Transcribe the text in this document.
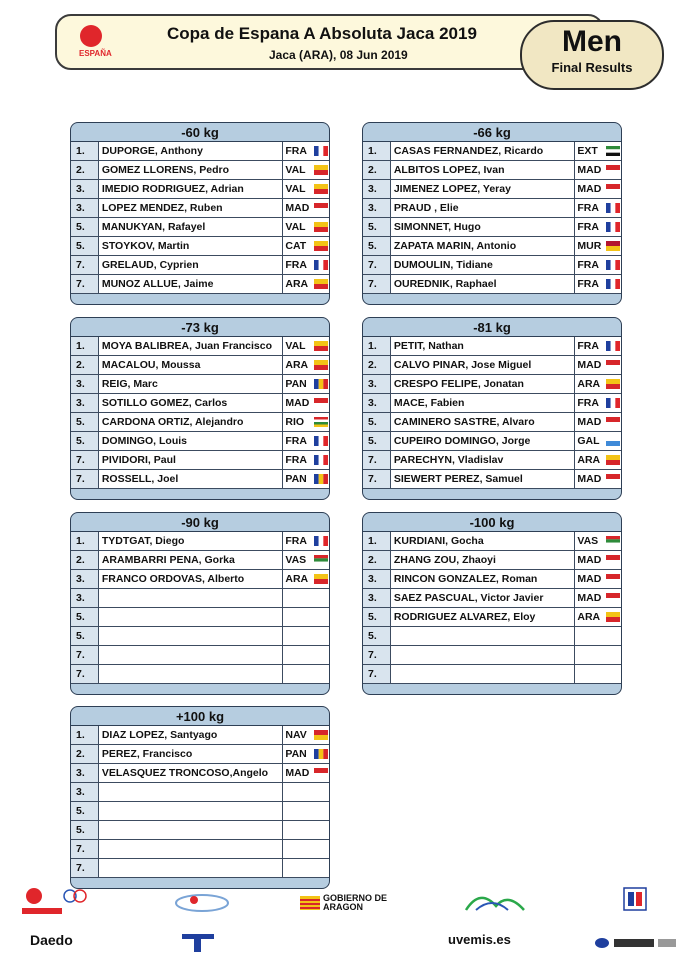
ESPAÑA
Copa de Espana A Absoluta Jaca 2019
Jaca (ARA), 08 Jun 2019	Men
Final Results
-60 kg
1.	DUPORGE, Anthony	FRA
2.	GOMEZ LLORENS, Pedro	VAL
3.	IMEDIO RODRIGUEZ, Adrian	VAL
3.	LOPEZ MENDEZ, Ruben	MAD
5.	MANUKYAN, Rafayel	VAL
5.	STOYKOV, Martin	CAT
7.	GRELAUD, Cyprien	FRA
7.	MUNOZ ALLUE, Jaime	ARA
-66 kg
1.	CASAS FERNANDEZ, Ricardo	EXT
2.	ALBITOS LOPEZ, Ivan	MAD
3.	JIMENEZ LOPEZ, Yeray	MAD
3.	PRAUD , Elie	FRA
5.	SIMONNET, Hugo	FRA
5.	ZAPATA MARIN, Antonio	MUR
7.	DUMOULIN, Tidiane	FRA
7.	OUREDNIK, Raphael	FRA
-73 kg
1.	MOYA BALIBREA, Juan Francisco	VAL
2.	MACALOU, Moussa	ARA
3.	REIG, Marc	PAN
3.	SOTILLO GOMEZ, Carlos	MAD
5.	CARDONA ORTIZ, Alejandro	RIO
5.	DOMINGO, Louis	FRA
7.	PIVIDORI, Paul	FRA
7.	ROSSELL, Joel	PAN
-81 kg
1.	PETIT, Nathan	FRA
2.	CALVO PINAR, Jose Miguel	MAD
3.	CRESPO FELIPE, Jonatan	ARA
3.	MACE, Fabien	FRA
5.	CAMINERO SASTRE, Alvaro	MAD
5.	CUPEIRO DOMINGO, Jorge	GAL
7.	PARECHYN, Vladislav	ARA
7.	SIEWERT PEREZ, Samuel	MAD
-90 kg
1.	TYDTGAT, Diego	FRA
2.	ARAMBARRI PENA, Gorka	VAS
3.	FRANCO ORDOVAS, Alberto	ARA
3.
5.
5.
7.
7.
-100 kg
1.	KURDIANI, Gocha	VAS
2.	ZHANG ZOU, Zhaoyi	MAD
3.	RINCON GONZALEZ, Roman	MAD
3.	SAEZ PASCUAL, Victor Javier	MAD
5.	RODRIGUEZ ALVAREZ, Eloy	ARA
5.
7.
7.
+100 kg
1.	DIAZ LOPEZ, Santyago	NAV
2.	PEREZ, Francisco	PAN
3.	VELASQUEZ TRONCOSO,Angelo	MAD
3.
5.
5.
7.
7.
GOBIERNO DE ARAGON
Daedo	uvemis.es
